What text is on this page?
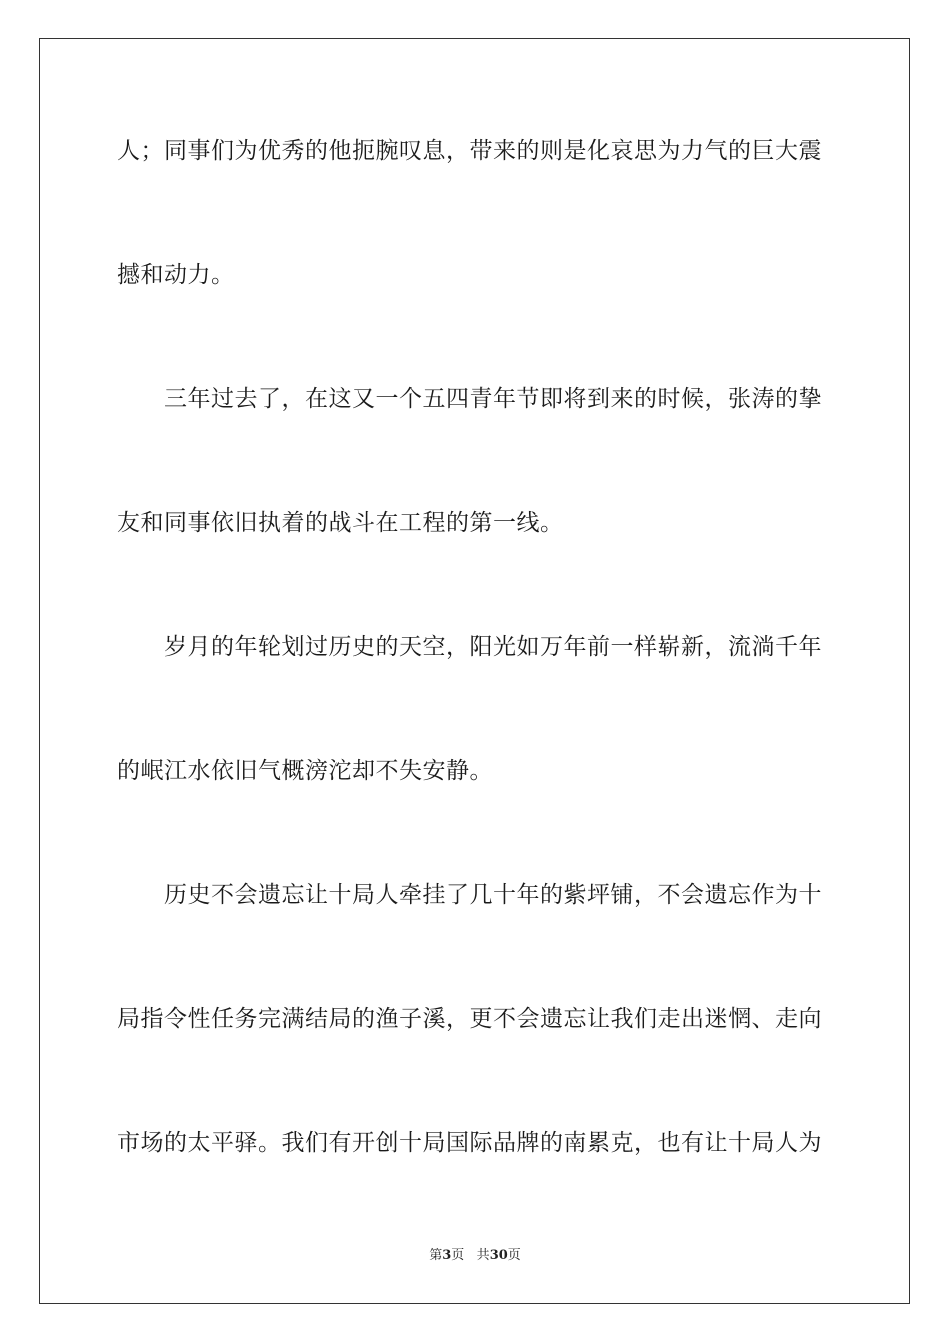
人；同事们为优秀的他扼腕叹息，带来的则是化哀思为力气的巨大震
撼和动力。
　　三年过去了，在这又一个五四青年节即将到来的时候，张涛的挚
友和同事依旧执着的战斗在工程的第一线。
　　岁月的年轮划过历史的天空，阳光如万年前一样崭新，流淌千年
的岷江水依旧气概滂沱却不失安静。
　　历史不会遗忘让十局人牵挂了几十年的紫坪铺，不会遗忘作为十
局指令性任务完满结局的渔子溪，更不会遗忘让我们走出迷惘、走向
市场的太平驿。我们有开创十局国际品牌的南累克，也有让十局人为
第3页 共30页
